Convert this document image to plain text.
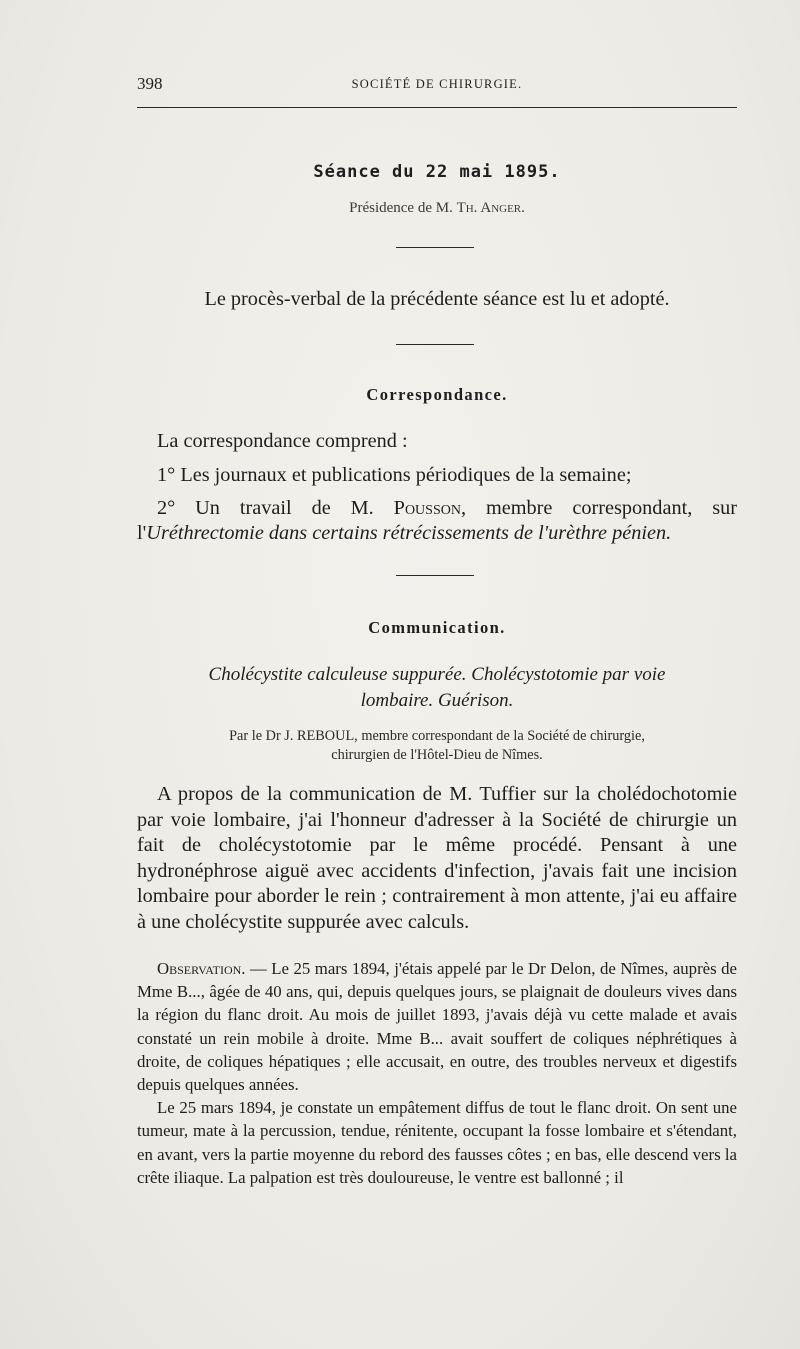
398	SOCIÉTÉ DE CHIRURGIE.
Séance du 22 mai 1895.
Présidence de M. Th. Anger.
Le procès-verbal de la précédente séance est lu et adopté.
Correspondance.
La correspondance comprend :
1° Les journaux et publications périodiques de la semaine;

2° Un travail de M. Pousson, membre correspondant, sur l'Uréthrectomie dans certains rétrécissements de l'urèthre pénien.

Communication.
Cholécystite calculeuse suppurée. Cholécystotomie par voie lombaire. Guérison.
Par le Dr J. REBOUL, membre correspondant de la Société de chirurgie,
chirurgien de l'Hôtel-Dieu de Nîmes.
A propos de la communication de M. Tuffier sur la cholédochotomie par voie lombaire, j'ai l'honneur d'adresser à la Société de chirurgie un fait de cholécystotomie par le même procédé. Pensant à une hydronéphrose aiguë avec accidents d'infection, j'avais fait une incision lombaire pour aborder le rein ; contrairement à mon attente, j'ai eu affaire à une cholécystite suppurée avec calculs.

Observation. — Le 25 mars 1894, j'étais appelé par le Dr Delon, de Nîmes, auprès de Mme B..., âgée de 40 ans, qui, depuis quelques jours, se plaignait de douleurs vives dans la région du flanc droit. Au mois de juillet 1893, j'avais déjà vu cette malade et avais constaté un rein mobile à droite. Mme B... avait souffert de coliques néphrétiques à droite, de coliques hépatiques ; elle accusait, en outre, des troubles nerveux et digestifs depuis quelques années.

Le 25 mars 1894, je constate un empâtement diffus de tout le flanc droit. On sent une tumeur, mate à la percussion, tendue, rénitente, occupant la fosse lombaire et s'étendant, en avant, vers la partie moyenne du rebord des fausses côtes ; en bas, elle descend vers la crête iliaque. La palpation est très douloureuse, le ventre est ballonné ; il
